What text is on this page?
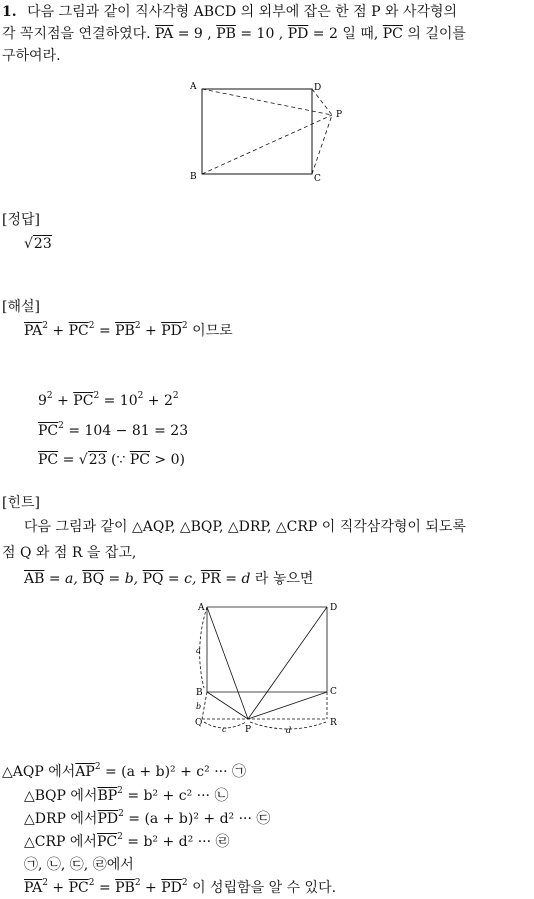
1. 다음 그림과 같이 직사각형 ABCD 의 외부에 잡은 한 점 P 와 사각형의
각 꼭지점을 연결하였다. $\overline{PA} = 9$ , $\overline{PB} = 10$ , $\overline{PD} = 2$ 일 때, $\overline{PC}$ 의 길이를
구하여라.
A	D
P
B	C
[정답]
√23
[해설]
$\overline{PA}^2 + \overline{PC}^2 = \overline{PB}^2 + \overline{PD}^2$ 이므로
$9^2 + \overline{PC}^2 = 10^2 + 2^2$
$\overline{PC}^2 = 104 - 81 = 23$
$\overline{PC} = √23$ (∵ $\overline{PC} > 0$)
[힌트]
다음 그림과 같이 △AQP, △BQP, △DRP, △CRP 이 직각삼각형이 되도록
점 Q 와 점 R 을 잡고,
$\overline{AB} = a$, $\overline{BQ} = b$, $\overline{PQ} = c$, $\overline{PR} = d$ 라 놓으면
A	D
B	C
Q	R
P
a
b
c	d
△AQP 에서$\overline{AP}^2 = (a + b)^2 + c^2$ ··· ㉠
△BQP 에서$\overline{BP}^2 = b^2 + c^2$ ··· ㉡
△DRP 에서$\overline{PD}^2 = (a + b)^2 + d^2$ ··· ㉢
△CRP 에서$\overline{PC}^2 = b^2 + d^2$ ··· ㉣
㉠, ㉡, ㉢, ㉣에서
$\overline{PA}^2 + \overline{PC}^2 = \overline{PB}^2 + \overline{PD}^2$ 이 성립함을 알 수 있다.
